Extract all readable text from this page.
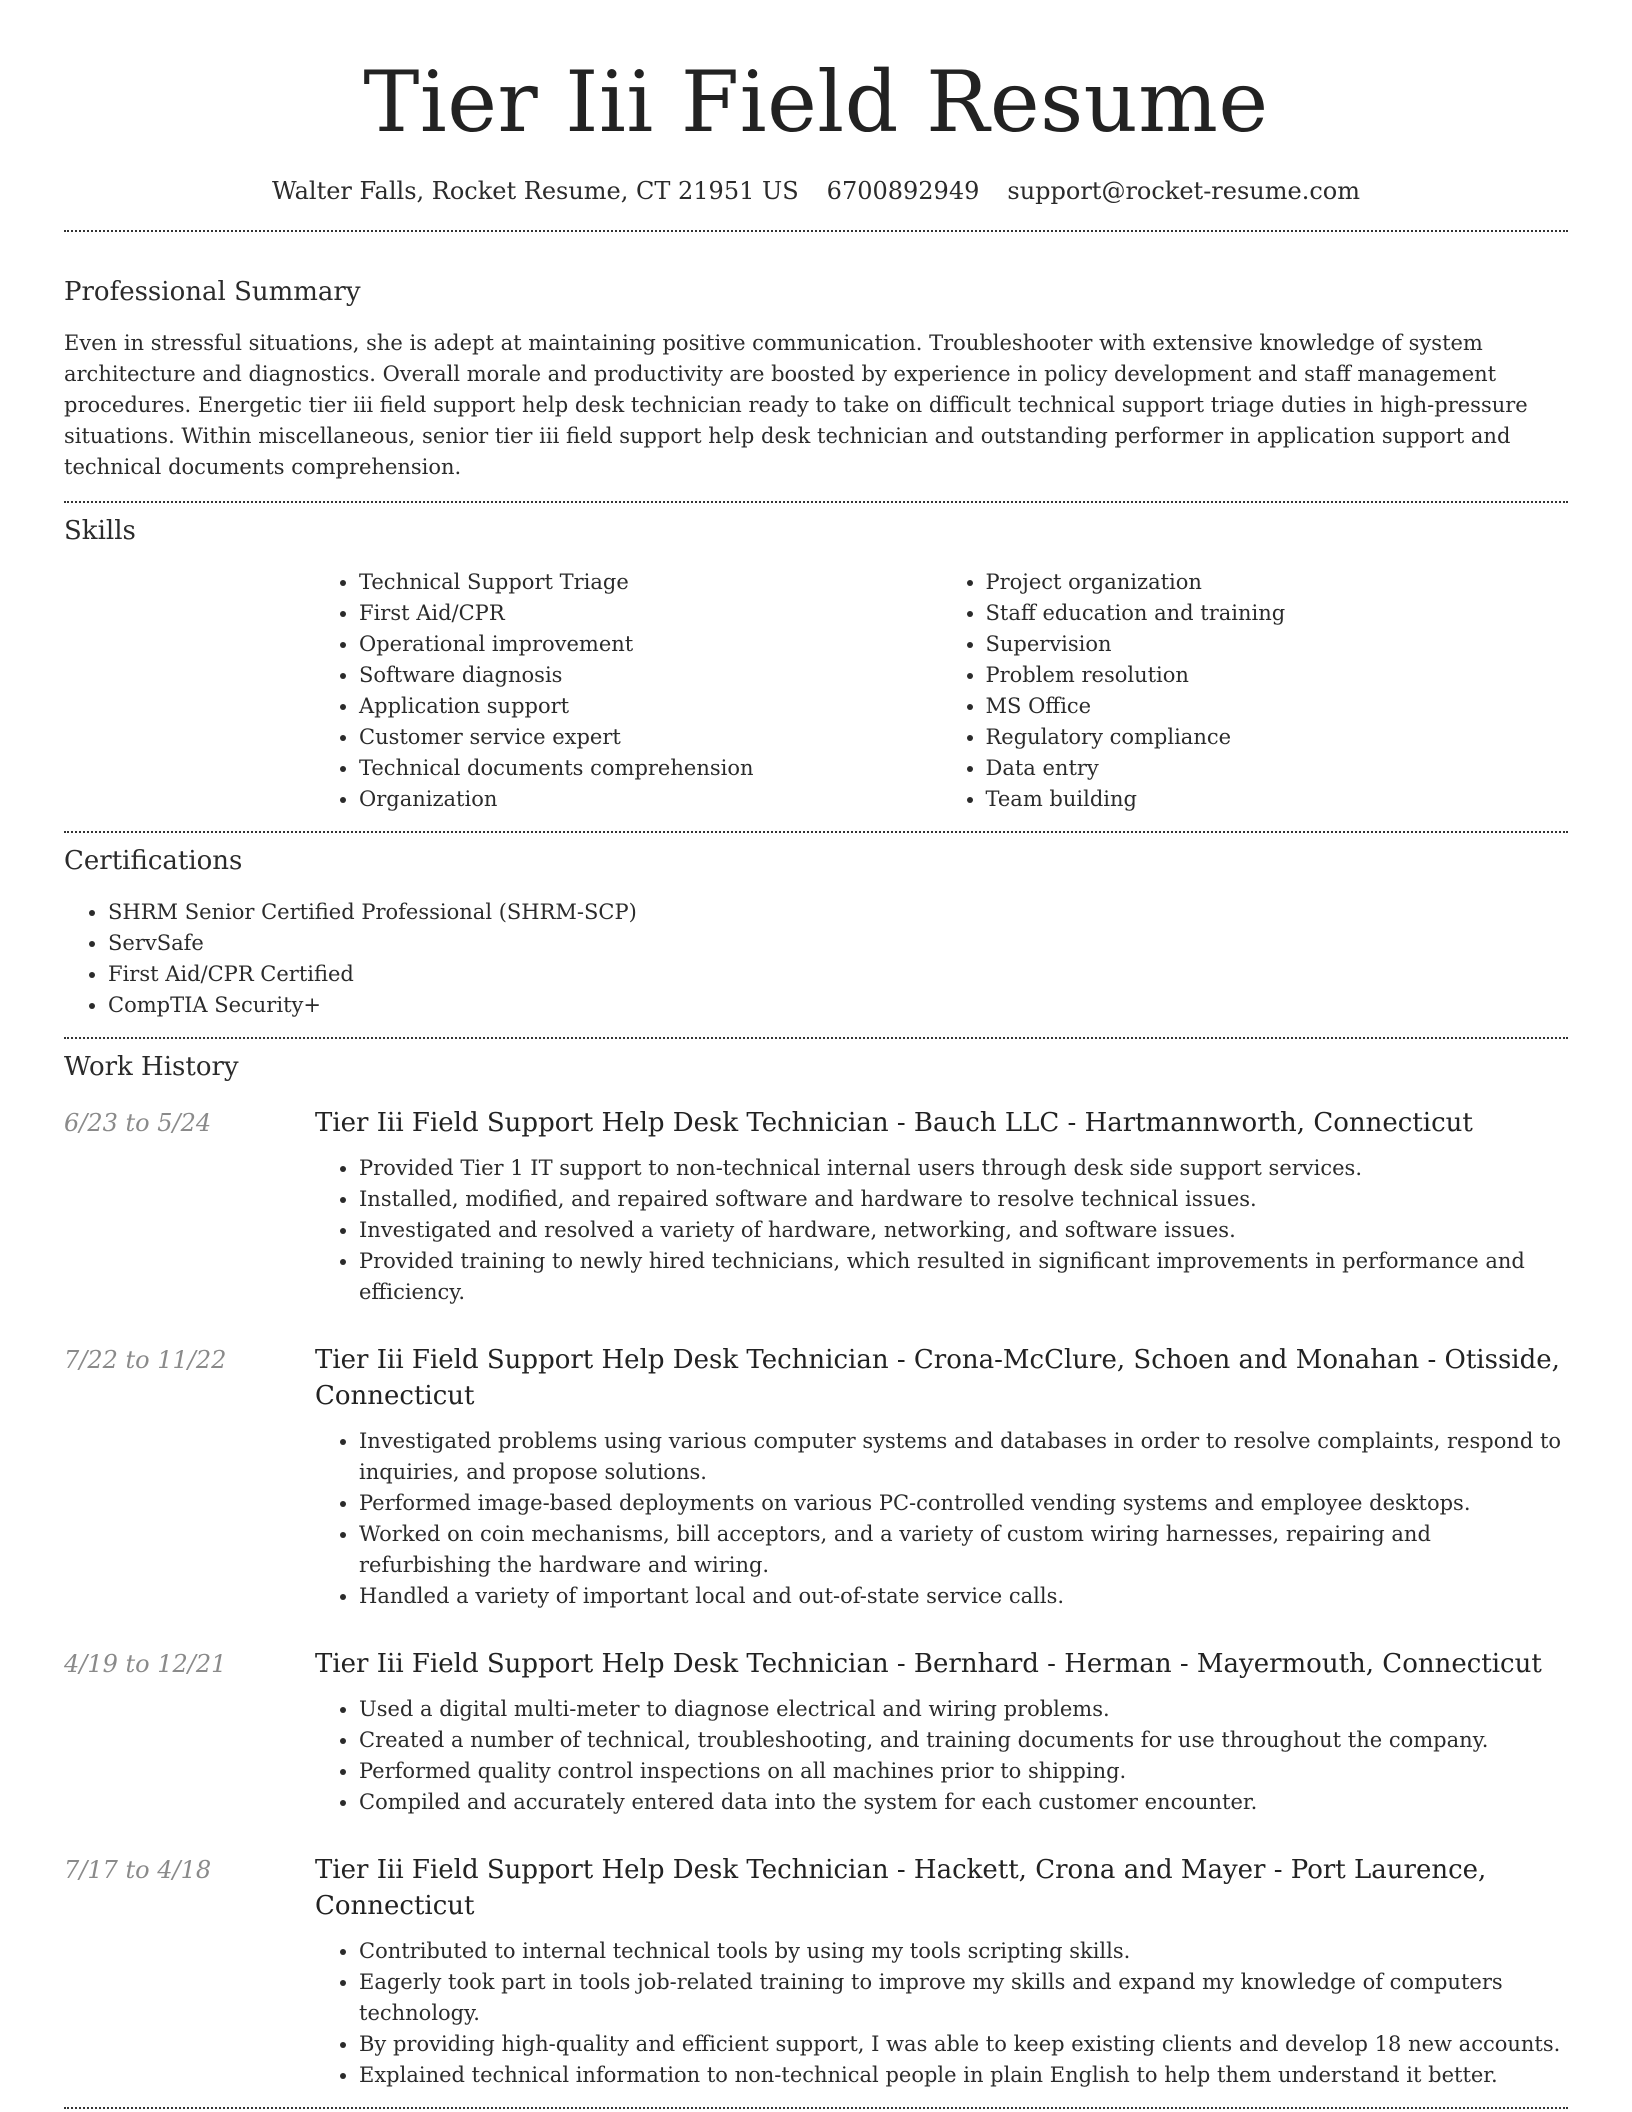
Tier Iii Field Resume
Walter Falls, Rocket Resume, CT 21951 US 6700892949 support@rocket-resume.com
Professional Summary

Even in stressful situations, she is adept at maintaining positive communication. Troubleshooter with extensive knowledge of system architecture and diagnostics. Overall morale and productivity are boosted by experience in policy development and staff management procedures. Energetic tier iii field support help desk technician ready to take on difficult technical support triage duties in high-pressure situations. Within miscellaneous, senior tier iii field support help desk technician and outstanding performer in application support and technical documents comprehension.

Skills
• Technical Support Triage
• First Aid/CPR
• Operational improvement
• Software diagnosis
• Application support
• Customer service expert
• Technical documents comprehension
• Organization
• Project organization
• Staff education and training
• Supervision
• Problem resolution
• MS Office
• Regulatory compliance
• Data entry
• Team building
Certifications
• SHRM Senior Certified Professional (SHRM-SCP)
• ServSafe
• First Aid/CPR Certified
• CompTIA Security+
Work History
6/23 to 5/24	Tier Iii Field Support Help Desk Technician - Bauch LLC - Hartmannworth, Connecticut
• Provided Tier 1 IT support to non-technical internal users through desk side support services.
• Installed, modified, and repaired software and hardware to resolve technical issues.
• Investigated and resolved a variety of hardware, networking, and software issues.
• Provided training to newly hired technicians, which resulted in significant improvements in performance and efficiency.
7/22 to 11/22	Tier Iii Field Support Help Desk Technician - Crona-McClure, Schoen and Monahan - Otisside, Connecticut
• Investigated problems using various computer systems and databases in order to resolve complaints, respond to inquiries, and propose solutions.
• Performed image-based deployments on various PC-controlled vending systems and employee desktops.
• Worked on coin mechanisms, bill acceptors, and a variety of custom wiring harnesses, repairing and refurbishing the hardware and wiring.
• Handled a variety of important local and out-of-state service calls.
4/19 to 12/21	Tier Iii Field Support Help Desk Technician - Bernhard - Herman - Mayermouth, Connecticut
• Used a digital multi-meter to diagnose electrical and wiring problems.
• Created a number of technical, troubleshooting, and training documents for use throughout the company.
• Performed quality control inspections on all machines prior to shipping.
• Compiled and accurately entered data into the system for each customer encounter.
7/17 to 4/18	Tier Iii Field Support Help Desk Technician - Hackett, Crona and Mayer - Port Laurence, Connecticut
• Contributed to internal technical tools by using my tools scripting skills.
• Eagerly took part in tools job-related training to improve my skills and expand my knowledge of computers technology.
• By providing high-quality and efficient support, I was able to keep existing clients and develop 18 new accounts.
• Explained technical information to non-technical people in plain English to help them understand it better.
